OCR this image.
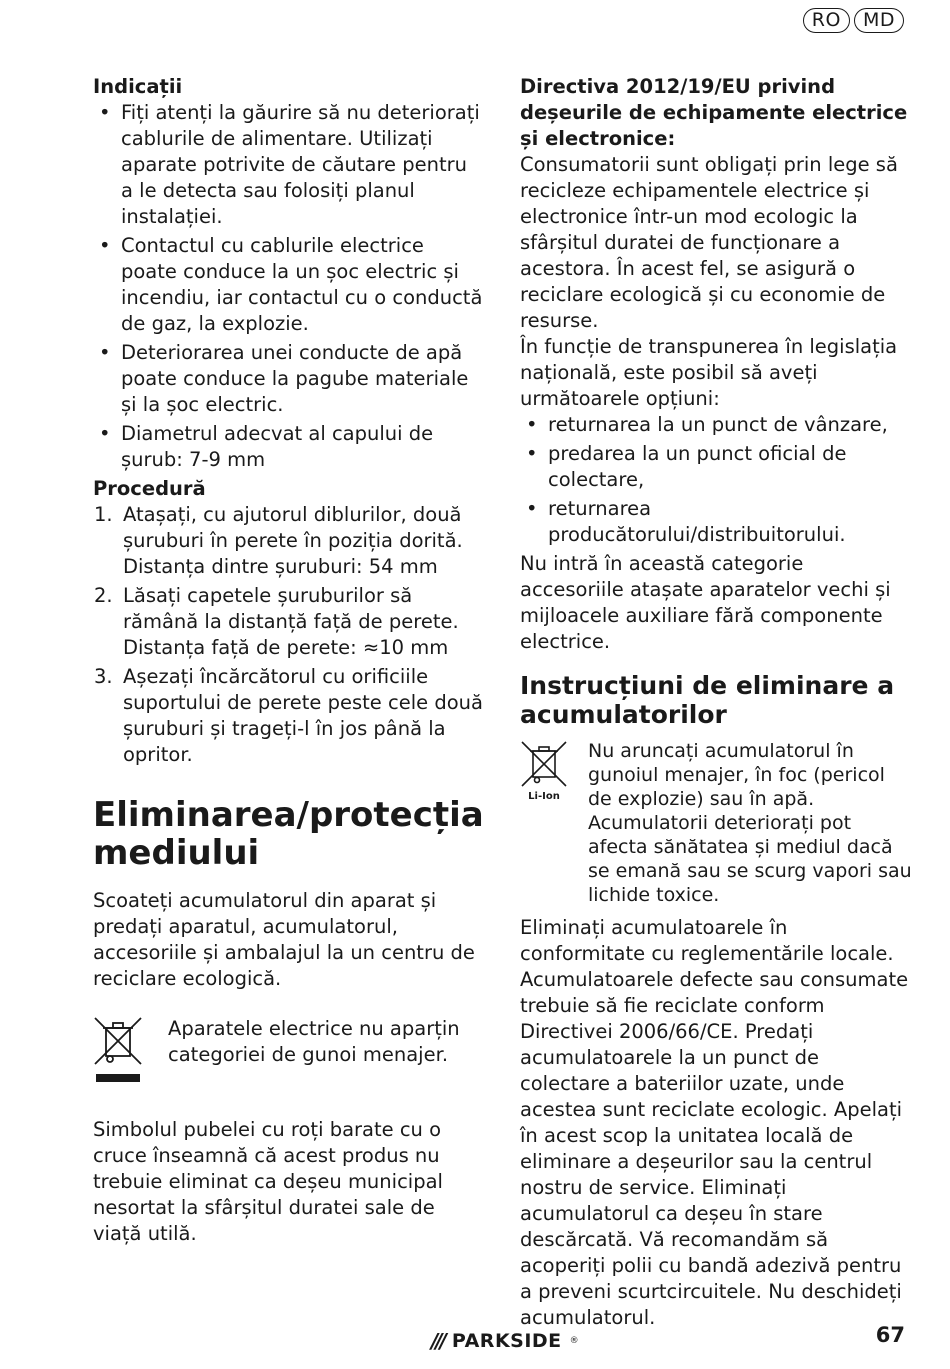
RO	MD

Indicații

• Fiți atenți la găurire să nu deteriorați cablurile de alimentare. Utilizați aparate potrivite de căutare pentru a le detecta sau folosiți planul instalației.
• Contactul cu cablurile electrice poate conduce la un șoc electric și incendiu, iar contactul cu o conductă de gaz, la explozie.
• Deteriorarea unei conducte de apă poate conduce la pagube materiale și la șoc electric.
• Diametrul adecvat al capului de șurub: 7-9 mm

Procedură

1. Atașați, cu ajutorul diblurilor, două șuruburi în perete în poziția dorită. Distanța dintre șuruburi: 54 mm
2. Lăsați capetele șuruburilor să rămână la distanță față de perete. Distanța față de perete: ≈10 mm
3. Așezați încărcătorul cu orificiile suportului de perete peste cele două șuruburi și trageți-l în jos până la opritor.
Eliminarea/protecția mediului

Scoateți acumulatorul din aparat și predați aparatul, acumulatorul, accesoriile și ambalajul la un centru de reciclare ecologică.

Aparatele electrice nu aparțin categoriei de gunoi menajer.

Simbolul pubelei cu roți barate cu o cruce înseamnă că acest produs nu trebuie eliminat ca deșeu municipal nesortat la sfârșitul duratei sale de viață utilă.

Directiva 2012/19/EU privind deșeurile de echipamente electrice și electronice:

Consumatorii sunt obligați prin lege să recicleze echipamentele electrice și electronice într-un mod ecologic la sfârșitul duratei de funcționare a acestora. În acest fel, se asigură o reciclare ecologică și cu economie de resurse.

În funcție de transpunerea în legislația națională, este posibil să aveți următoarele opțiuni:

• returnarea la un punct de vânzare,
• predarea la un punct oficial de colectare,
• returnarea producătorului/distribuitorului.

Nu intră în această categorie accesoriile atașate aparatelor vechi și mijloacele auxiliare fără componente electrice.

Instrucțiuni de eliminare a acumulatorilor
Li-Ion

Nu aruncați acumulatorul în gunoiul menajer, în foc (pericol de explozie) sau în apă. Acumulatorii deteriorați pot afecta sănătatea și mediul dacă se emană sau se scurg vapori sau lichide toxice.

Eliminați acumulatoarele în conformitate cu reglementările locale. Acumulatoarele defecte sau consumate trebuie să fie reciclate conform Directivei 2006/66/CE. Predați acumulatoarele la un punct de colectare a bateriilor uzate, unde acestea sunt reciclate ecologic. Apelați în acest scop la unitatea locală de eliminare a deșeurilor sau la centrul nostru de service. Eliminați acumulatorul ca deșeu în stare descărcată. Vă recomandăm să acoperiți polii cu bandă adezivă pentru a preveni scurtcircuitele. Nu deschideți acumulatorul.

/// PARKSIDE ®	67
